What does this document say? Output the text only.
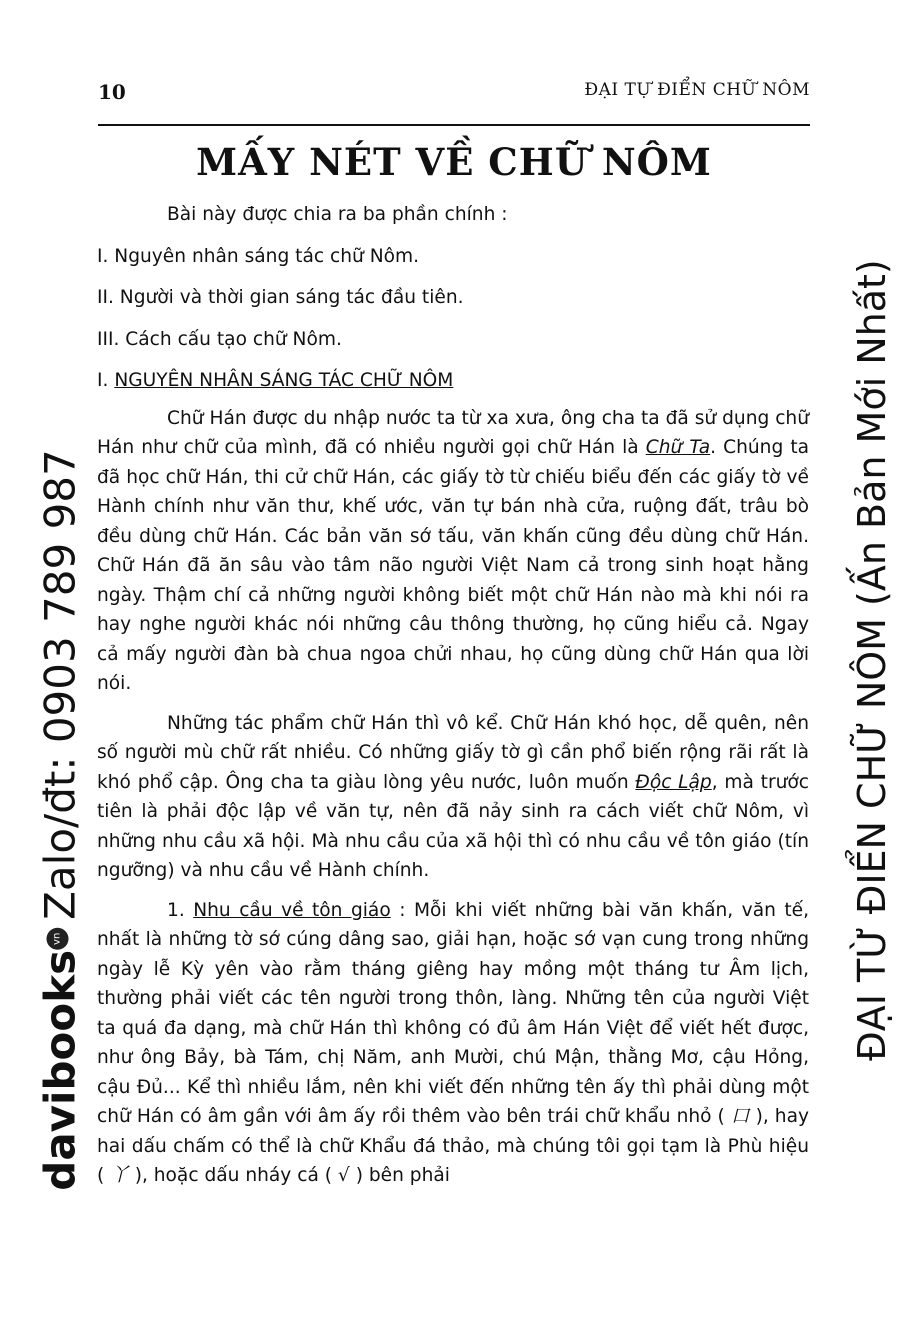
10	ĐẠI TỰ ĐIỂN CHỮ NÔM
MẤY NÉT VỀ CHỮ NÔM
Bài này được chia ra ba phần chính :
I. Nguyên nhân sáng tác chữ Nôm.
II. Người và thời gian sáng tác đầu tiên.
III. Cách cấu tạo chữ Nôm.
I. NGUYÊN NHÂN SÁNG TÁC CHỮ NÔM

Chữ Hán được du nhập nước ta từ xa xưa, ông cha ta đã sử dụng chữ Hán như chữ của mình, đã có nhiều người gọi chữ Hán là Chữ Ta. Chúng ta đã học chữ Hán, thi cử chữ Hán, các giấy tờ từ chiếu biểu đến các giấy tờ về Hành chính như văn thư, khế ước, văn tự bán nhà cửa, ruộng đất, trâu bò đều dùng chữ Hán. Các bản văn sớ tấu, văn khấn cũng đều dùng chữ Hán. Chữ Hán đã ăn sâu vào tâm não người Việt Nam cả trong sinh hoạt hằng ngày. Thậm chí cả những người không biết một chữ Hán nào mà khi nói ra hay nghe người khác nói những câu thông thường, họ cũng hiểu cả. Ngay cả mấy người đàn bà chua ngoa chửi nhau, họ cũng dùng chữ Hán qua lời nói.

Những tác phẩm chữ Hán thì vô kể. Chữ Hán khó học, dễ quên, nên số người mù chữ rất nhiều. Có những giấy tờ gì cần phổ biến rộng rãi rất là khó phổ cập. Ông cha ta giàu lòng yêu nước, luôn muốn Độc Lập, mà trước tiên là phải độc lập về văn tự, nên đã nảy sinh ra cách viết chữ Nôm, vì những nhu cầu xã hội. Mà nhu cầu của xã hội thì có nhu cầu về tôn giáo (tín ngưỡng) và nhu cầu về Hành chính.

1. Nhu cầu về tôn giáo : Mỗi khi viết những bài văn khấn, văn tế, nhất là những tờ sớ cúng dâng sao, giải hạn, hoặc sớ vạn cung trong những ngày lễ Kỳ yên vào rằm tháng giêng hay mồng một tháng tư Âm lịch, thường phải viết các tên người trong thôn, làng. Những tên của người Việt ta quá đa dạng, mà chữ Hán thì không có đủ âm Hán Việt để viết hết được, như ông Bảy, bà Tám, chị Năm, anh Mười, chú Mận, thằng Mơ, cậu Hỏng, cậu Đủ... Kể thì nhiều lắm, nên khi viết đến những tên ấy thì phải dùng một chữ Hán có âm gần với âm ấy rồi thêm vào bên trái chữ khẩu nhỏ ( 口 ), hay hai dấu chấm có thể là chữ Khẩu đá thảo, mà chúng tôi gọi tạm là Phù hiệu ( 丫 ), hoặc dấu nháy cá ( √ ) bên phải

davibooksvnZalo/đt: 0903 789 987	ĐẠI TỪ ĐIỂN CHỮ NÔM (Ấn Bản Mới Nhất)
